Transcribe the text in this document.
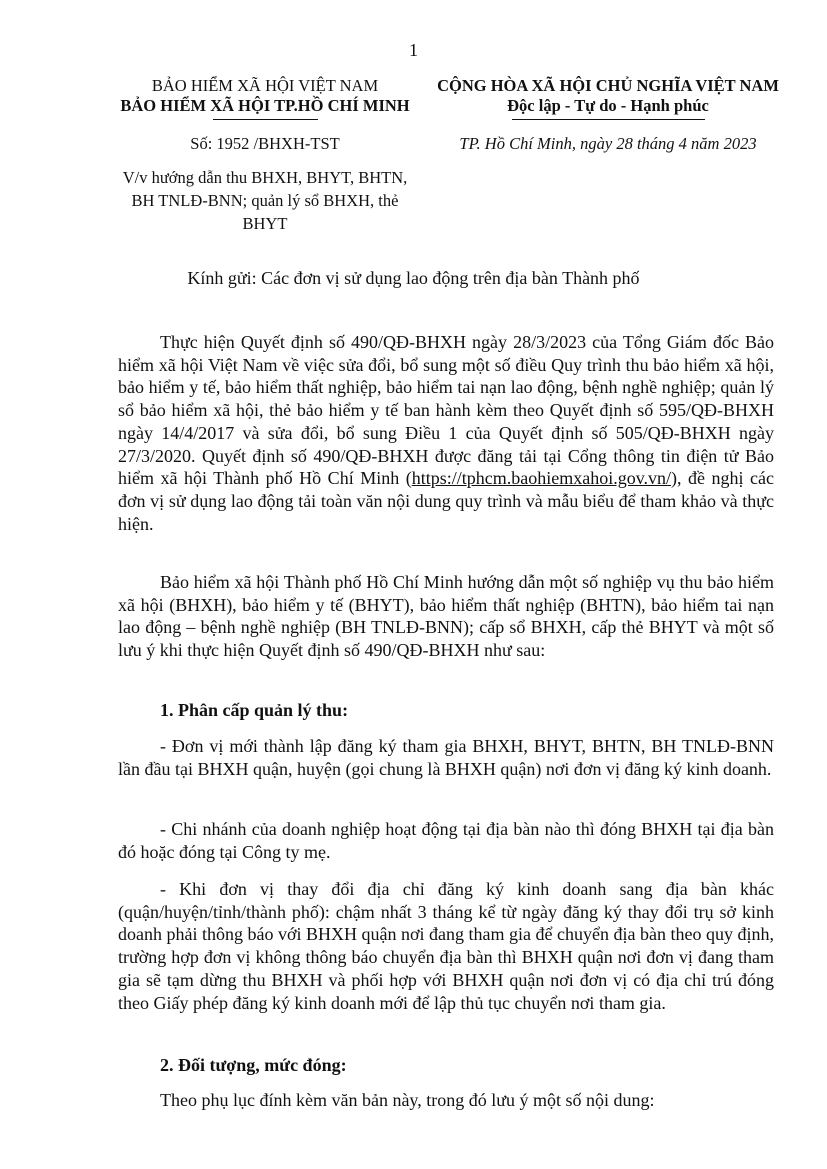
1
BẢO HIỂM XÃ HỘI VIỆT NAM
BẢO HIỂM XÃ HỘI TP.HỒ CHÍ MINH
CỘNG HÒA XÃ HỘI CHỦ NGHĨA VIỆT NAM
Độc lập - Tự do - Hạnh phúc
Số: 1952 /BHXH-TST	TP. Hồ Chí Minh, ngày 28 tháng 4 năm 2023
V/v hướng dẫn thu BHXH, BHYT, BHTN, BH TNLĐ-BNN; quản lý sổ BHXH, thẻ BHYT
Kính gửi: Các đơn vị sử dụng lao động trên địa bàn Thành phố

Thực hiện Quyết định số 490/QĐ-BHXH ngày 28/3/2023 của Tổng Giám đốc Bảo hiểm xã hội Việt Nam về việc sửa đổi, bổ sung một số điều Quy trình thu bảo hiểm xã hội, bảo hiểm y tế, bảo hiểm thất nghiệp, bảo hiểm tai nạn lao động, bệnh nghề nghiệp; quản lý sổ bảo hiểm xã hội, thẻ bảo hiểm y tế ban hành kèm theo Quyết định số 595/QĐ-BHXH ngày 14/4/2017 và sửa đổi, bổ sung Điều 1 của Quyết định số 505/QĐ-BHXH ngày 27/3/2020. Quyết định số 490/QĐ-BHXH được đăng tải tại Cổng thông tin điện tử Bảo hiểm xã hội Thành phố Hồ Chí Minh (https://tphcm.baohiemxahoi.gov.vn/), đề nghị các đơn vị sử dụng lao động tải toàn văn nội dung quy trình và mẫu biểu để tham khảo và thực hiện.

Bảo hiểm xã hội Thành phố Hồ Chí Minh hướng dẫn một số nghiệp vụ thu bảo hiểm xã hội (BHXH), bảo hiểm y tế (BHYT), bảo hiểm thất nghiệp (BHTN), bảo hiểm tai nạn lao động – bệnh nghề nghiệp (BH TNLĐ-BNN); cấp sổ BHXH, cấp thẻ BHYT và một số lưu ý khi thực hiện Quyết định số 490/QĐ-BHXH như sau:

1. Phân cấp quản lý thu:

- Đơn vị mới thành lập đăng ký tham gia BHXH, BHYT, BHTN, BH TNLĐ-BNN lần đầu tại BHXH quận, huyện (gọi chung là BHXH quận) nơi đơn vị đăng ký kinh doanh.

- Chi nhánh của doanh nghiệp hoạt động tại địa bàn nào thì đóng BHXH tại địa bàn đó hoặc đóng tại Công ty mẹ.

- Khi đơn vị thay đổi địa chỉ đăng ký kinh doanh sang địa bàn khác (quận/huyện/tỉnh/thành phố): chậm nhất 3 tháng kể từ ngày đăng ký thay đổi trụ sở kinh doanh phải thông báo với BHXH quận nơi đang tham gia để chuyển địa bàn theo quy định, trường hợp đơn vị không thông báo chuyển địa bàn thì BHXH quận nơi đơn vị đang tham gia sẽ tạm dừng thu BHXH và phối hợp với BHXH quận nơi đơn vị có địa chỉ trú đóng theo Giấy phép đăng ký kinh doanh mới để lập thủ tục chuyển nơi tham gia.

2. Đối tượng, mức đóng:

Theo phụ lục đính kèm văn bản này, trong đó lưu ý một số nội dung:
